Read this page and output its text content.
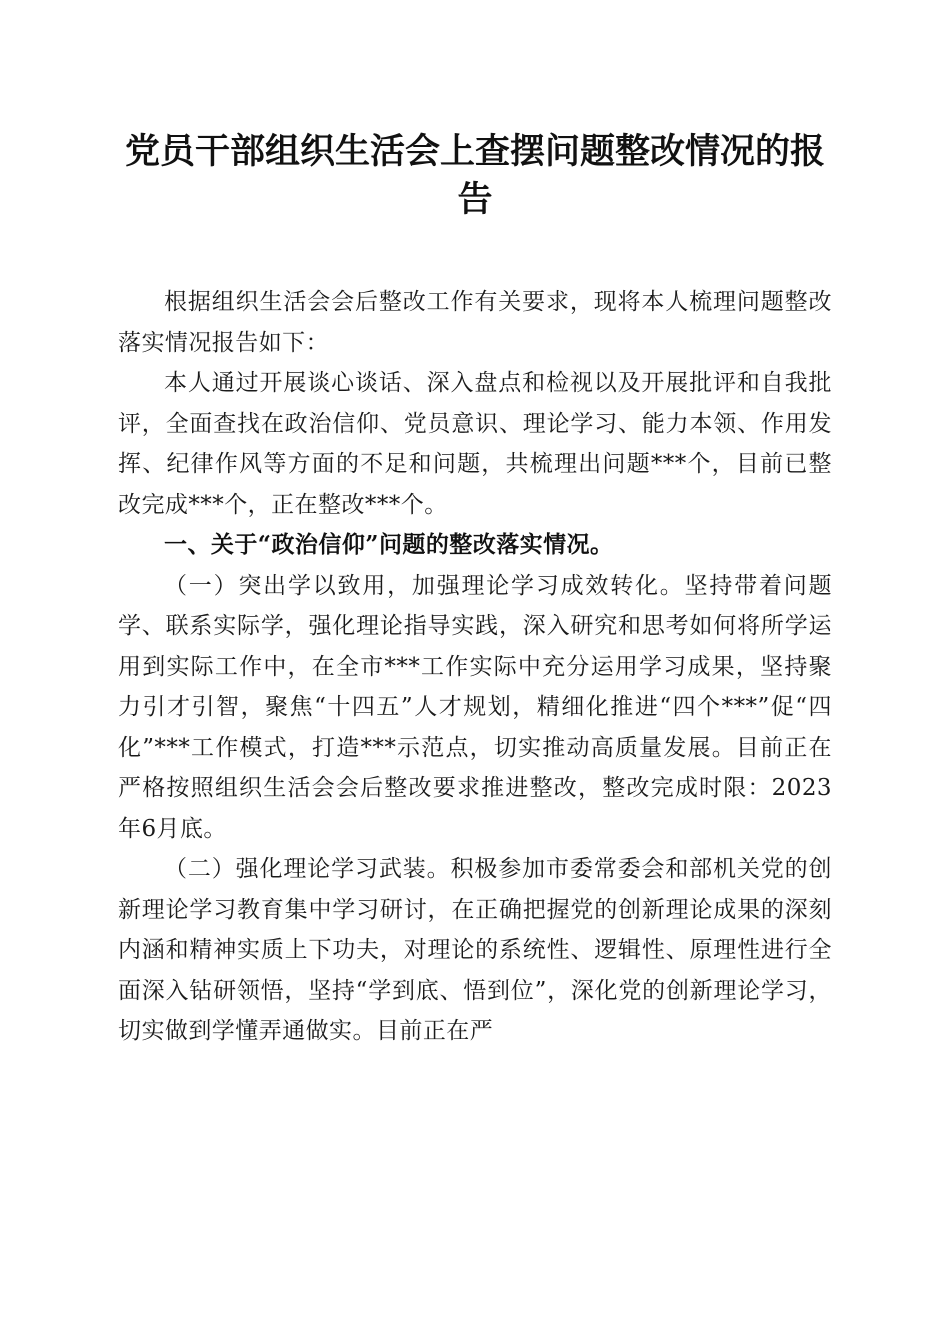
党员干部组织生活会上查摆问题整改情况的报告

根据组织生活会会后整改工作有关要求，现将本人梳理问题整改落实情况报告如下：

本人通过开展谈心谈话、深入盘点和检视以及开展批评和自我批评，全面查找在政治信仰、党员意识、理论学习、能力本领、作用发挥、纪律作风等方面的不足和问题，共梳理出问题***个，目前已整改完成***个，正在整改***个。

一、关于“政治信仰”问题的整改落实情况。

（一）突出学以致用，加强理论学习成效转化。坚持带着问题学、联系实际学，强化理论指导实践，深入研究和思考如何将所学运用到实际工作中，在全市***工作实际中充分运用学习成果，坚持聚力引才引智，聚焦“十四五”人才规划，精细化推进“四个***”促“四化”***工作模式，打造***示范点，切实推动高质量发展。目前正在严格按照组织生活会会后整改要求推进整改，整改完成时限：2023年6月底。

（二）强化理论学习武装。积极参加市委常委会和部机关党的创新理论学习教育集中学习研讨，在正确把握党的创新理论成果的深刻内涵和精神实质上下功夫，对理论的系统性、逻辑性、原理性进行全面深入钻研领悟，坚持“学到底、悟到位”，深化党的创新理论学习，切实做到学懂弄通做实。目前正在严
